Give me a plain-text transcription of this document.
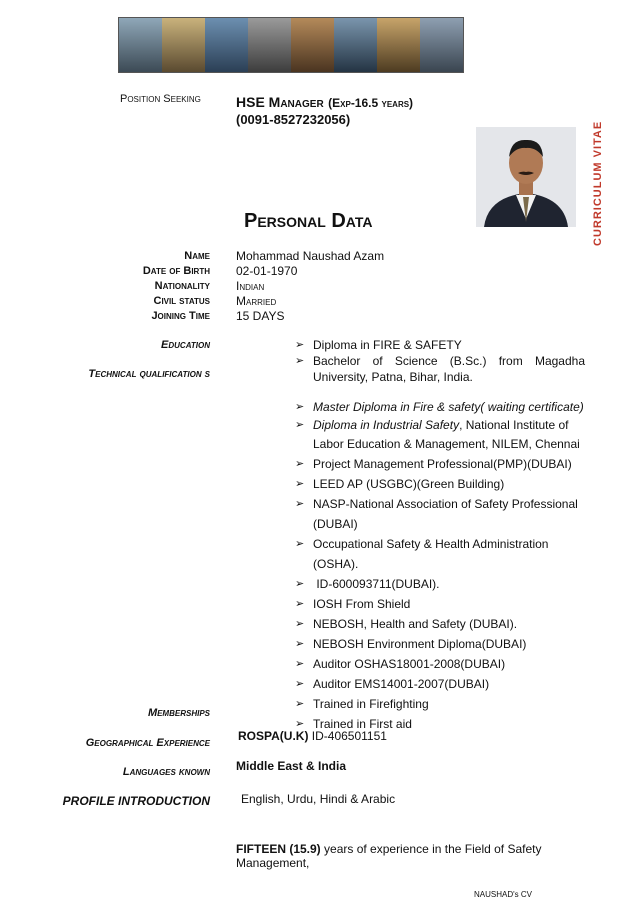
Position Seeking	HSE Manager (Exp-16.5 years)
(0091-8527232056)
CURRICULUM VITAE
Personal Data
Name Mohammad Naushad Azam
Date of Birth 02-01-1970
Nationality Indian
Civil status Married
Joining Time 15 DAYS
Education
Technical qualification s
Memberships
Geographical Experience
Languages known
PROFILE INTRODUCTION
➢ Diploma in FIRE & SAFETY
➢ Bachelor of Science (B.Sc.) from Magadha University, Patna, Bihar, India.
➢ Master Diploma in Fire & safety( waiting certificate)
➢ Diploma in Industrial Safety, National Institute of Labor Education & Management, NILEM, Chennai
➢ Project Management Professional(PMP)(DUBAI)
➢ LEED AP (USGBC)(Green Building)
➢ NASP-National Association of Safety Professional (DUBAI)
➢ Occupational Safety & Health Administration (OSHA).
➢ ID-600093711(DUBAI).
➢ IOSH From Shield
➢ NEBOSH, Health and Safety (DUBAI).
➢ NEBOSH Environment Diploma(DUBAI)
➢ Auditor OSHAS18001-2008(DUBAI)
➢ Auditor EMS14001-2007(DUBAI)
➢ Trained in Firefighting
➢ Trained in First aid
ROSPA(U.K) ID-406501151
Middle East & India
English, Urdu, Hindi & Arabic
FIFTEEN (15.9) years of experience in the Field of Safety Management,
NAUSHAD's CV
